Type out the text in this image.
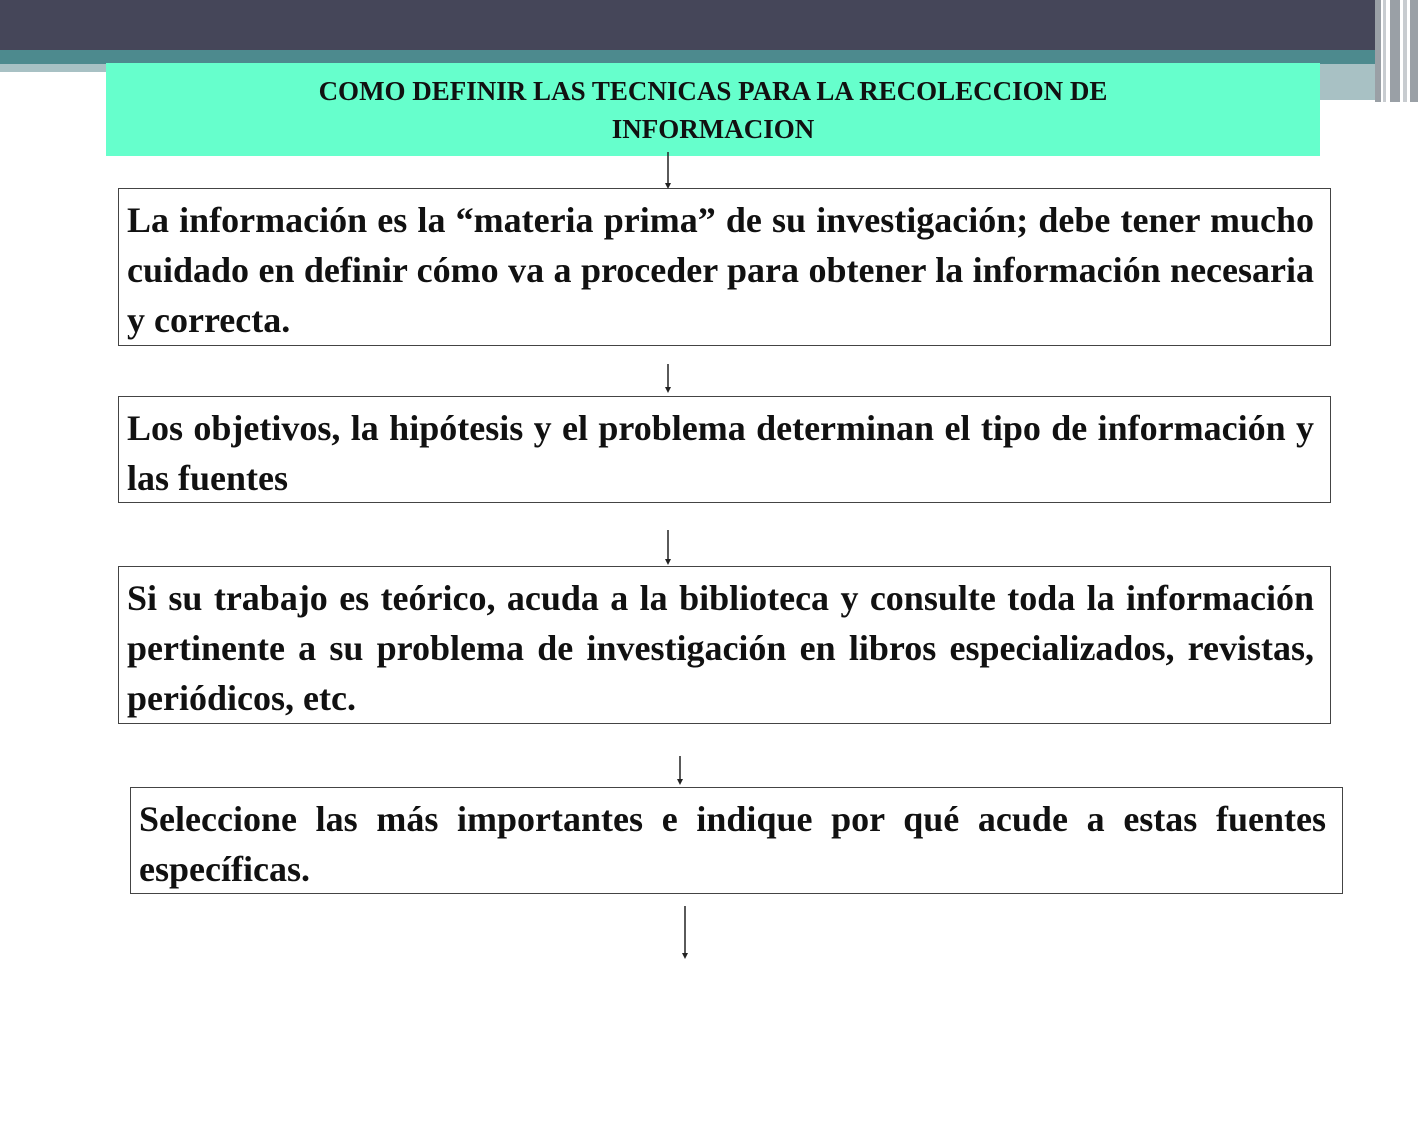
COMO DEFINIR LAS TECNICAS PARA LA RECOLECCION DE
INFORMACION

La información es la “materia prima” de su investigación; debe tener mucho cuidado en definir cómo va a proceder para obtener la información necesaria y correcta.

Los objetivos, la hipótesis y el problema determinan el tipo de información y las fuentes

Si su trabajo es teórico, acuda a la biblioteca y consulte toda la información pertinente a su problema de investigación en libros especializados, revistas, periódicos, etc.

Seleccione las más importantes e indique por qué acude a estas fuentes específicas.
